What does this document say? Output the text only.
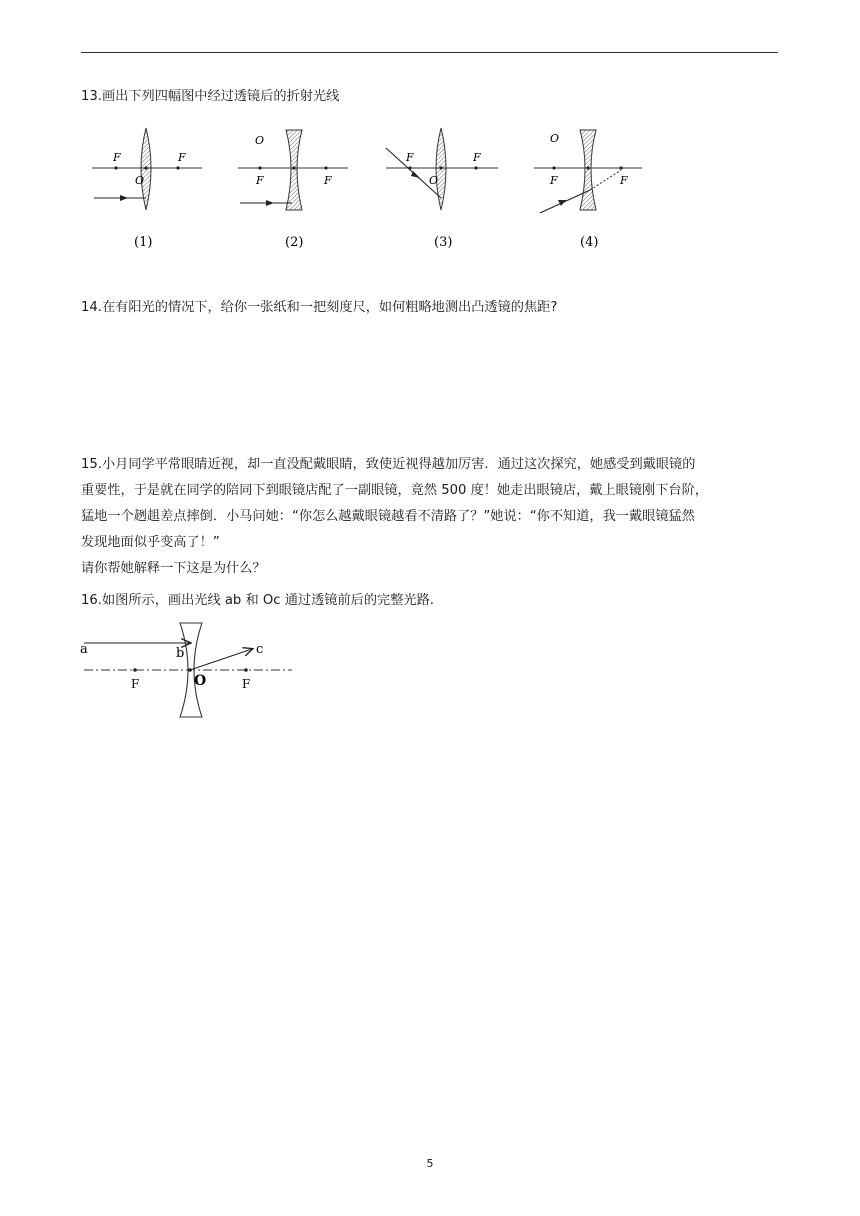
13.画出下列四幅图中经过透镜后的折射光线

F
O
F
(1)
O
F	F
(2)
F
O
F
(3)
O
F	F
(4)

14.在有阳光的情况下，给你一张纸和一把刻度尺，如何粗略地测出凸透镜的焦距?

15.小月同学平常眼睛近视，却一直没配戴眼睛，致使近视得越加厉害．通过这次探究，她感受到戴眼镜的
重要性，于是就在同学的陪同下到眼镜店配了一副眼镜，竟然 500 度！她走出眼镜店，戴上眼镜刚下台阶，
猛地一个趔趄差点摔倒．小马问她：“你怎么越戴眼镜越看不清路了？”她说：“你不知道，我一戴眼镜猛然
发现地面似乎变高了！”
请你帮她解释一下这是为什么？

16.如图所示，画出光线 ab 和 Oc 通过透镜前后的完整光路.

a	b	c
O
F	F
5
